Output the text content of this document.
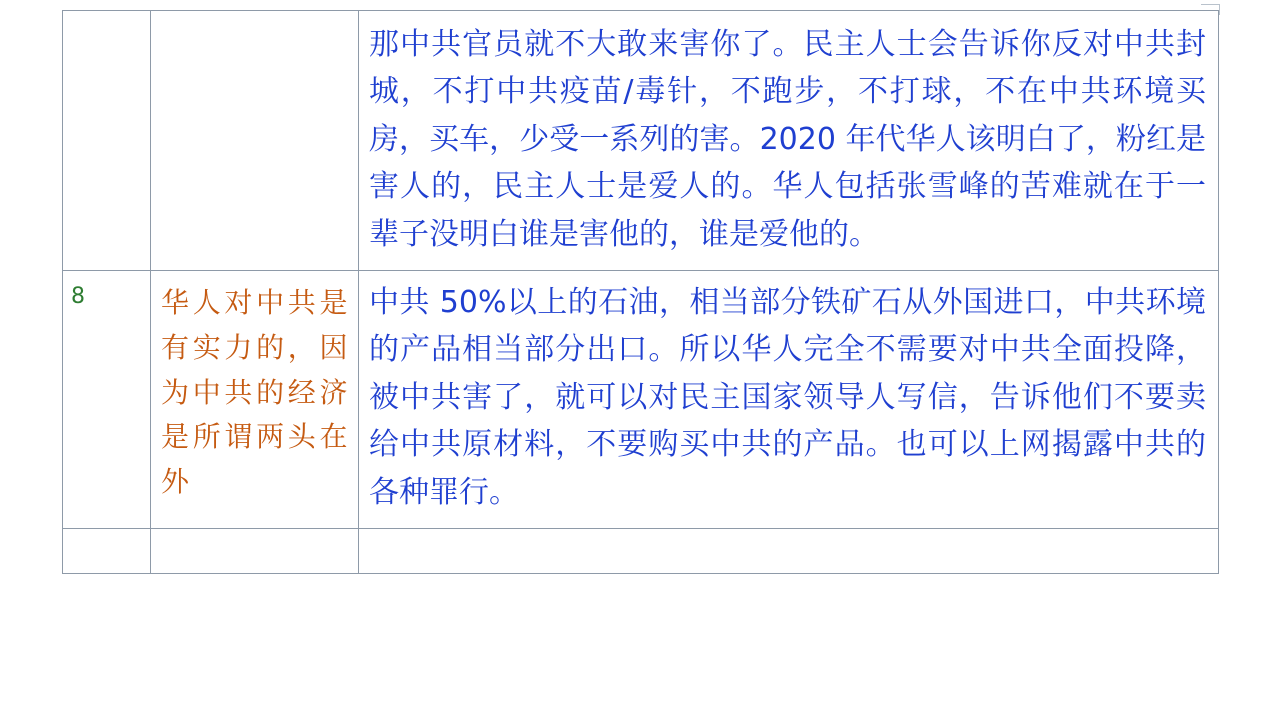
		那中共官员就不大敢来害你了。民主人士会告诉你反对中共封城，不打中共疫苗/毒针，不跑步，不打球，不在中共环境买房，买车，少受一系列的害。2020 年代华人该明白了，粉红是害人的，民主人士是爱人的。华人包括张雪峰的苦难就在于一辈子没明白谁是害他的，谁是爱他的。

8	华人对中共是有实力的，因为中共的经济是所谓两头在外	中共 50%以上的石油，相当部分铁矿石从外国进口，中共环境的产品相当部分出口。所以华人完全不需要对中共全面投降，被中共害了，就可以对民主国家领导人写信，告诉他们不要卖给中共原材料，不要购买中共的产品。也可以上网揭露中共的各种罪行。
